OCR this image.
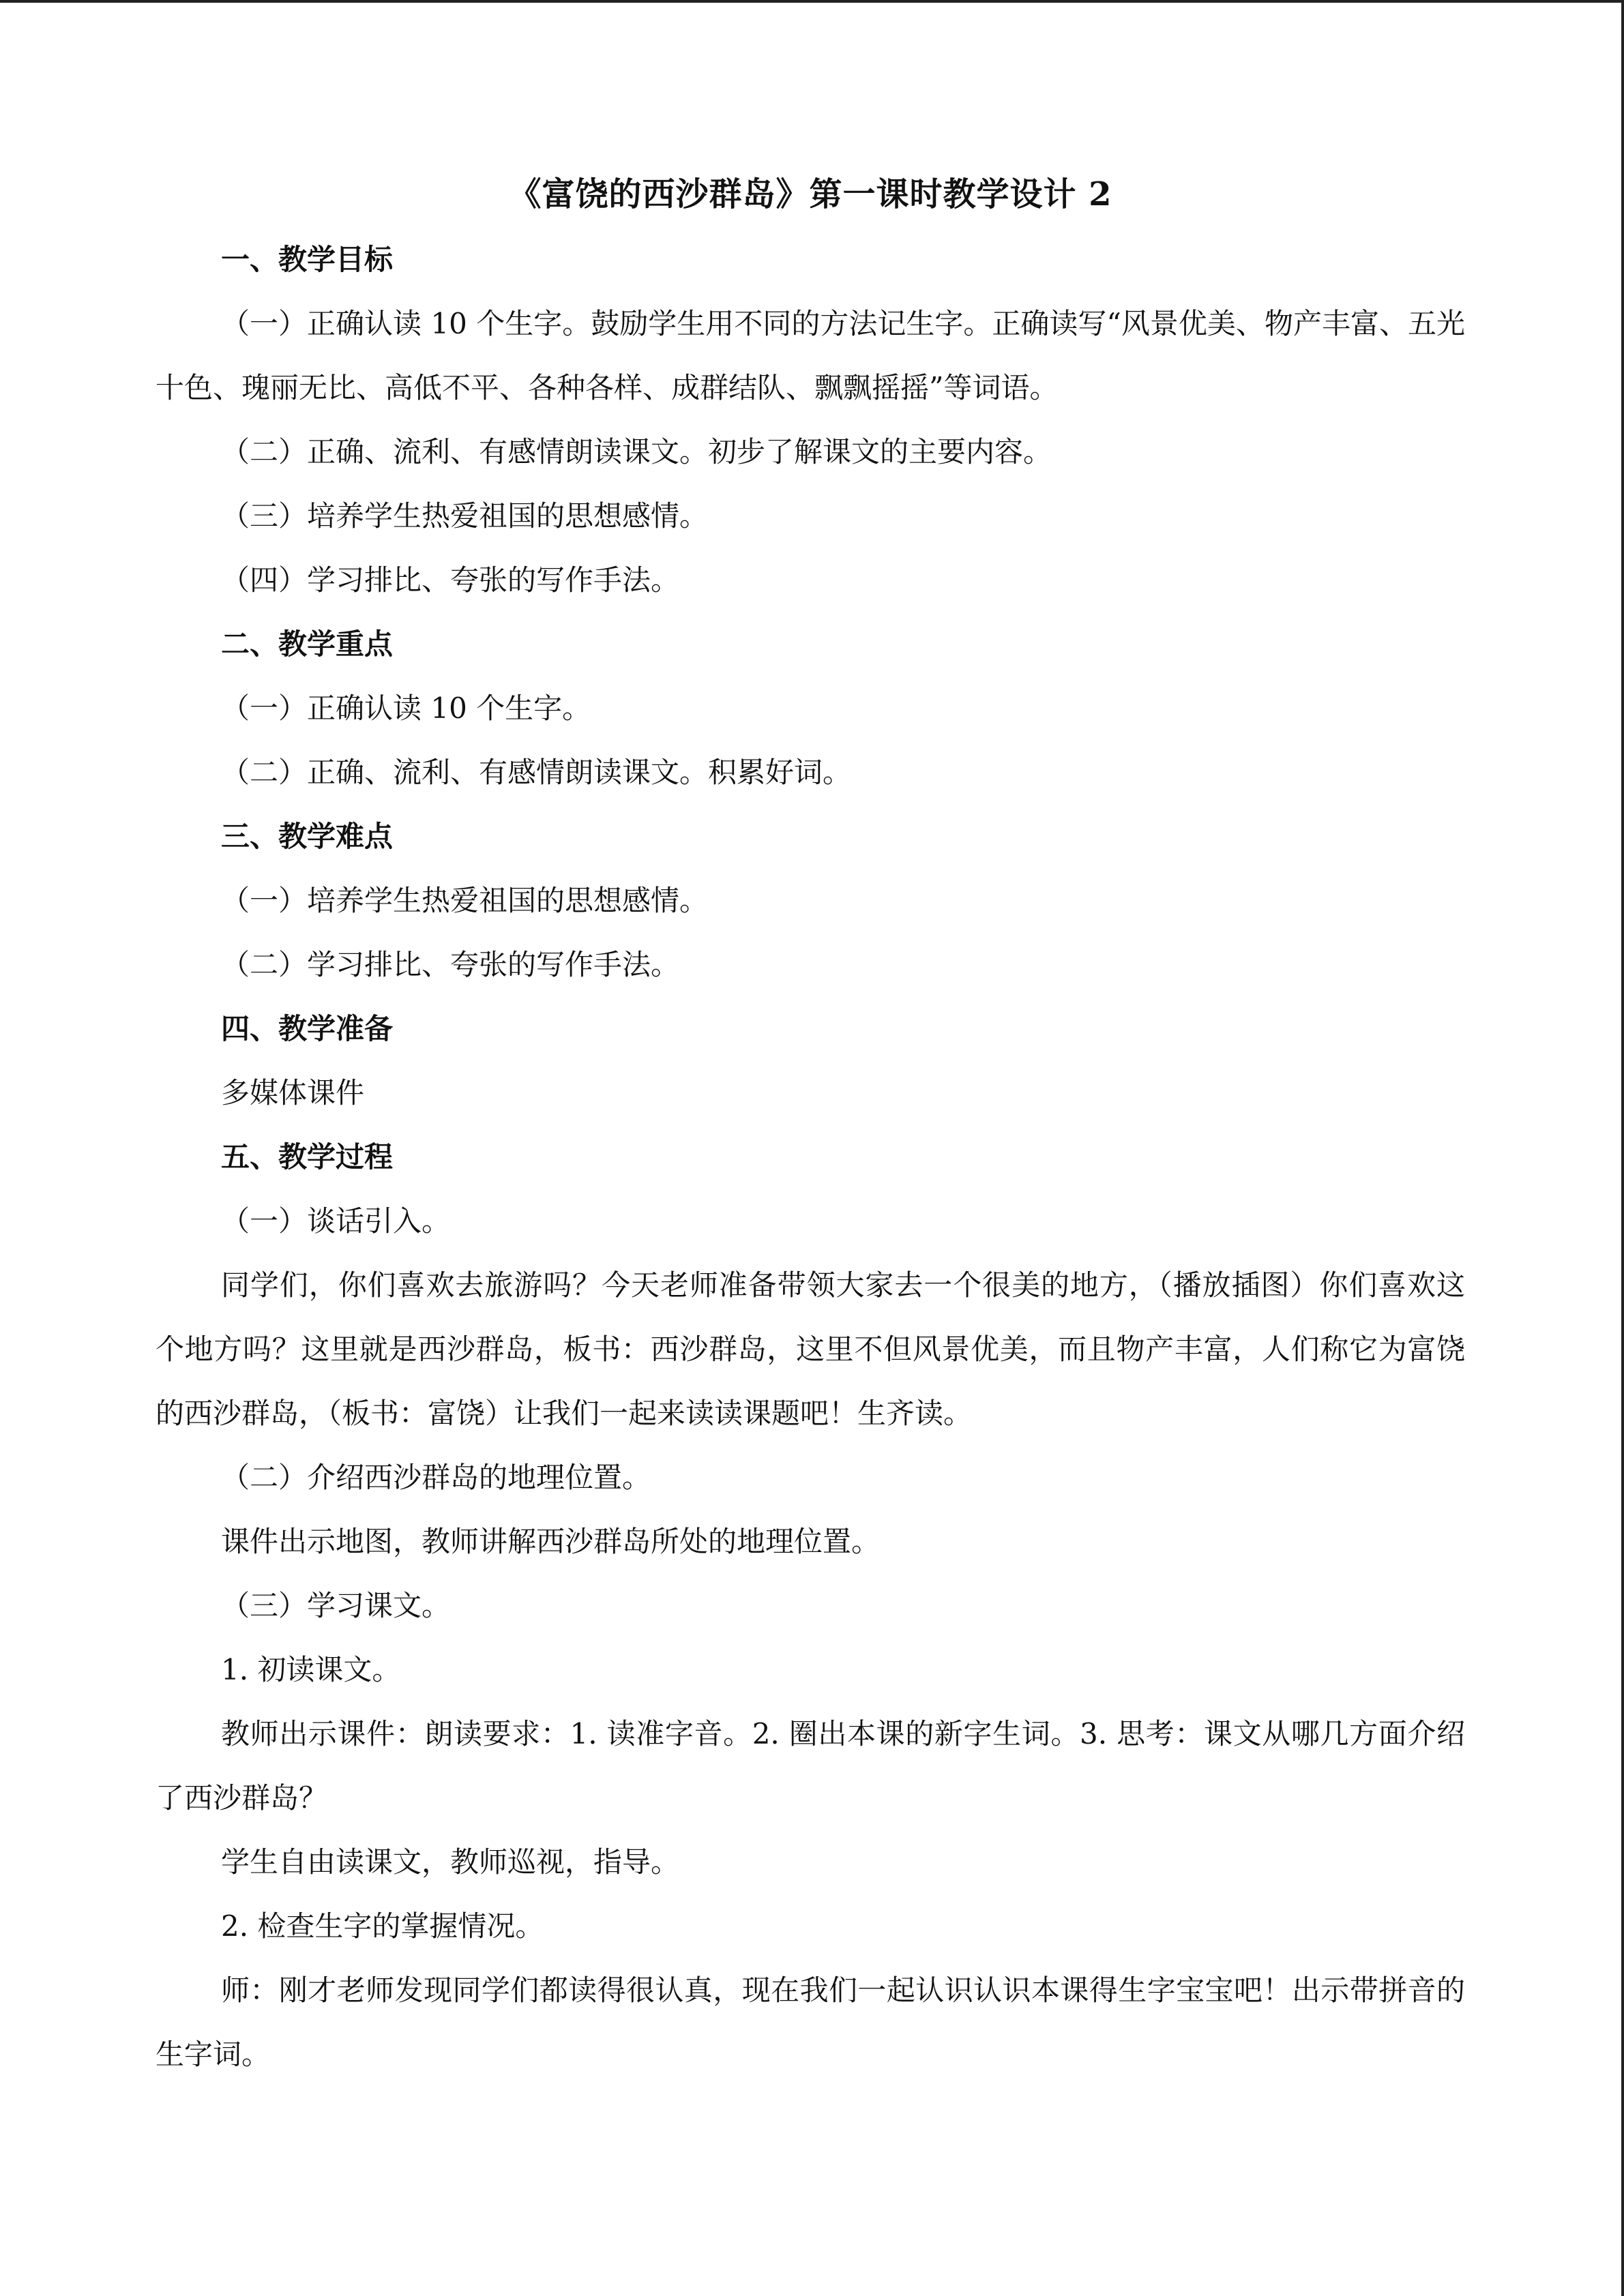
《富饶的西沙群岛》第一课时教学设计 2

一、教学目标

（一）正确认读 10 个生字。鼓励学生用不同的方法记生字。正确读写“风景优美、物产丰富、五光十色、瑰丽无比、高低不平、各种各样、成群结队、飘飘摇摇”等词语。

（二）正确、流利、有感情朗读课文。初步了解课文的主要内容。

（三）培养学生热爱祖国的思想感情。

（四）学习排比、夸张的写作手法。

二、教学重点

（一）正确认读 10 个生字。

（二）正确、流利、有感情朗读课文。积累好词。

三、教学难点

（一）培养学生热爱祖国的思想感情。

（二）学习排比、夸张的写作手法。

四、教学准备

多媒体课件

五、教学过程

（一）谈话引入。

同学们，你们喜欢去旅游吗？今天老师准备带领大家去一个很美的地方，（播放插图）你们喜欢这个地方吗？这里就是西沙群岛，板书：西沙群岛，这里不但风景优美，而且物产丰富，人们称它为富饶的西沙群岛，（板书：富饶）让我们一起来读读课题吧！生齐读。

（二）介绍西沙群岛的地理位置。

课件出示地图，教师讲解西沙群岛所处的地理位置。

（三）学习课文。

1. 初读课文。

教师出示课件：朗读要求：1. 读准字音。2. 圈出本课的新字生词。3. 思考：课文从哪几方面介绍了西沙群岛？

学生自由读课文，教师巡视，指导。

2. 检查生字的掌握情况。

师：刚才老师发现同学们都读得很认真，现在我们一起认识认识本课得生字宝宝吧！出示带拼音的生字词。
